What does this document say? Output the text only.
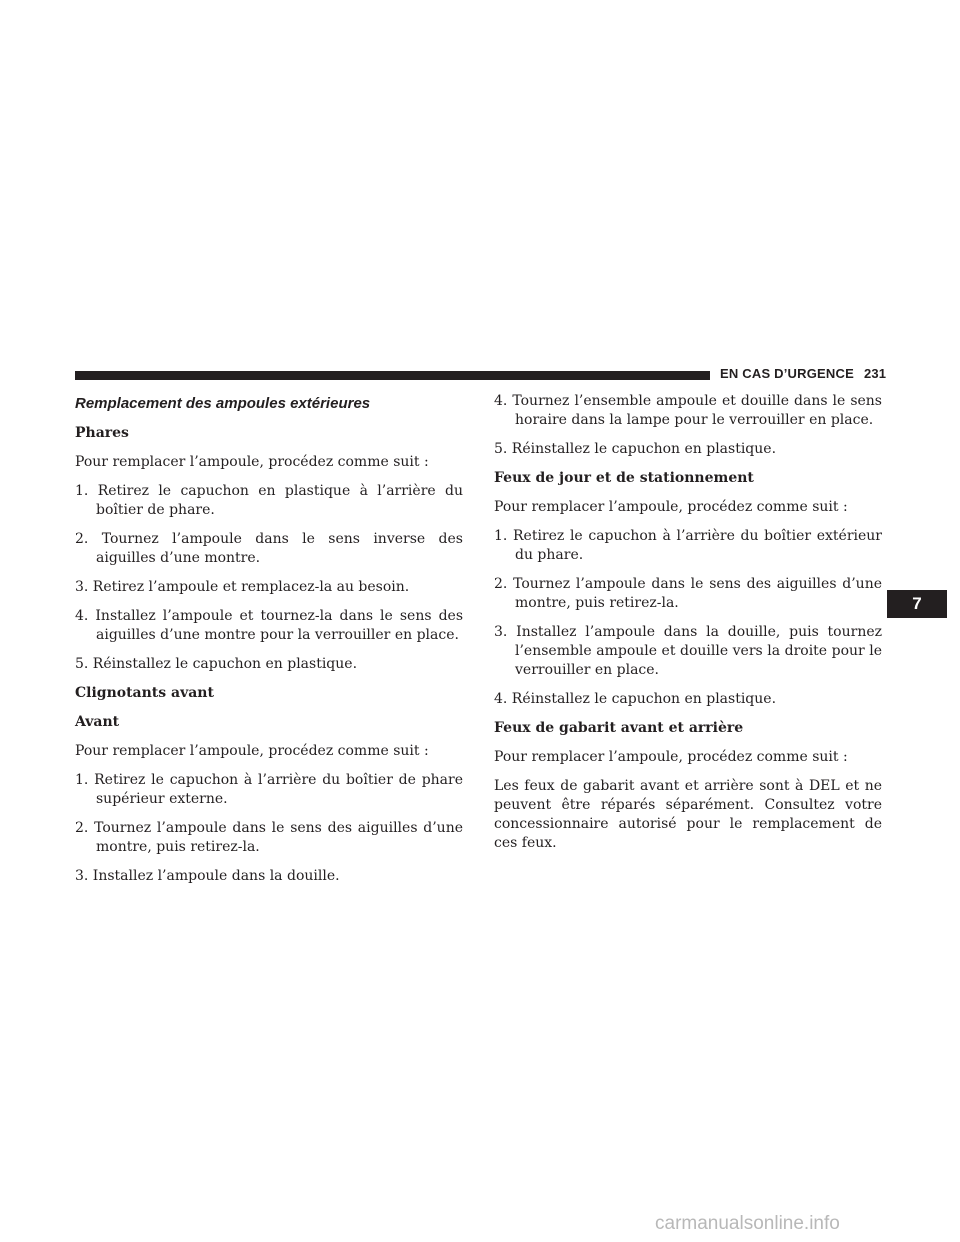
EN CAS D’URGENCE 231
Remplacement des ampoules extérieures
Phares

Pour remplacer l’ampoule, procédez comme suit :

1. Retirez le capuchon en plastique à l’arrière du boîtier de phare.
2. Tournez l’ampoule dans le sens inverse des aiguilles d’une montre.
3. Retirez l’ampoule et remplacez-la au besoin.
4. Installez l’ampoule et tournez-la dans le sens des aiguilles d’une montre pour la verrouiller en place.
5. Réinstallez le capuchon en plastique.
Clignotants avant
Avant

Pour remplacer l’ampoule, procédez comme suit :

1. Retirez le capuchon à l’arrière du boîtier de phare supérieur externe.
2. Tournez l’ampoule dans le sens des aiguilles d’une montre, puis retirez-la.
3. Installez l’ampoule dans la douille.
4. Tournez l’ensemble ampoule et douille dans le sens horaire dans la lampe pour le verrouiller en place.
5. Réinstallez le capuchon en plastique.
Feux de jour et de stationnement

Pour remplacer l’ampoule, procédez comme suit :

1. Retirez le capuchon à l’arrière du boîtier extérieur du phare.
2. Tournez l’ampoule dans le sens des aiguilles d’une montre, puis retirez-la.
3. Installez l’ampoule dans la douille, puis tournez l’ensemble ampoule et douille vers la droite pour le verrouiller en place.
4. Réinstallez le capuchon en plastique.
Feux de gabarit avant et arrière

Pour remplacer l’ampoule, procédez comme suit :

Les feux de gabarit avant et arrière sont à DEL et ne peuvent être réparés séparément. Consultez votre concessionnaire autorisé pour le remplacement de ces feux.

7
carmanualsonline.info
